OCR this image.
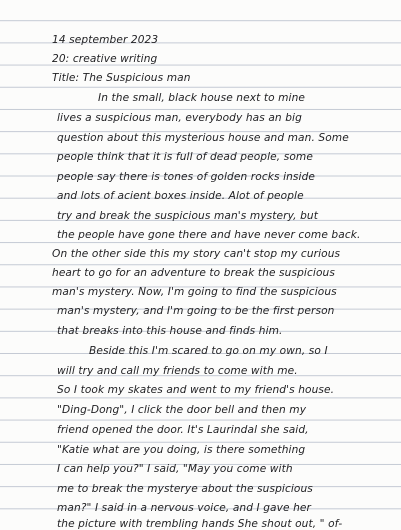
14 september 2023
20: creative writing
Title: The Suspicious man
In the small, black house next to mine
lives a suspicious man, everybody has an big
question about this mysterious house and man. Some
people think that it is full of dead people, some
people say there is tones of golden rocks inside
and lots of acient boxes inside. Alot of people
try and break the suspicious man's mystery, but
the people have gone there and have never come back.
On the other side this my story can't stop my curious
heart to go for an adventure to break the suspicious
man's mystery. Now, I'm going to find the suspicious
man's mystery, and I'm going to be the first person
that breaks into this house and finds him.
Beside this I'm scared to go on my own, so I
will try and call my friends to come with me.
So I took my skates and went to my friend's house.
"Ding-Dong", I click the door bell and then my
friend opened the door. It's Laurindal she said,
"Katie what are you doing, is there something
I can help you?" I said, "May you come with
me to break the mysterye about the suspicious
man?" I said in a nervous voice, and I gave her
the picture with trembling hands She shout out, " of-
